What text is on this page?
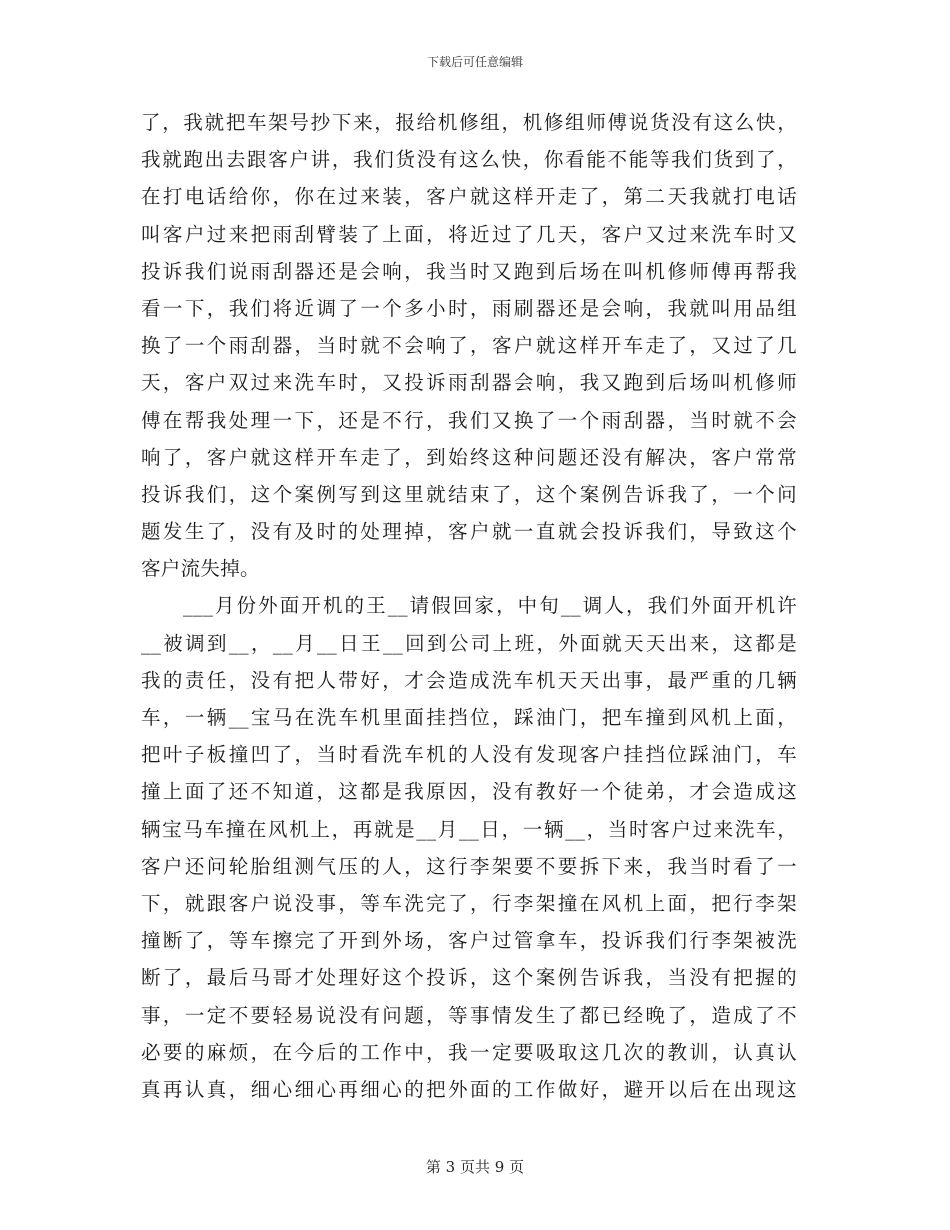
下载后可任意编辑
了，我就把车架号抄下来，报给机修组，机修组师傅说货没有这么快，
我就跑出去跟客户讲，我们货没有这么快，你看能不能等我们货到了，
在打电话给你，你在过来装，客户就这样开走了，第二天我就打电话
叫客户过来把雨刮臂装了上面，将近过了几天，客户又过来洗车时又
投诉我们说雨刮器还是会响，我当时又跑到后场在叫机修师傅再帮我
看一下，我们将近调了一个多小时，雨刷器还是会响，我就叫用品组
换了一个雨刮器，当时就不会响了，客户就这样开车走了，又过了几
天，客户双过来洗车时，又投诉雨刮器会响，我又跑到后场叫机修师
傅在帮我处理一下，还是不行，我们又换了一个雨刮器，当时就不会
响了，客户就这样开车走了，到始终这种问题还没有解决，客户常常
投诉我们，这个案例写到这里就结束了，这个案例告诉我了，一个问
题发生了，没有及时的处理掉，客户就一直就会投诉我们，导致这个
客户流失掉。
___月份外面开机的王__请假回家，中旬__调人，我们外面开机许
__被调到__，__月__日王__回到公司上班，外面就天天出来，这都是
我的责任，没有把人带好，才会造成洗车机天天出事，最严重的几辆
车，一辆__宝马在洗车机里面挂挡位，踩油门，把车撞到风机上面，
把叶子板撞凹了，当时看洗车机的人没有发现客户挂挡位踩油门，车
撞上面了还不知道，这都是我原因，没有教好一个徒弟，才会造成这
辆宝马车撞在风机上，再就是__月__日，一辆__，当时客户过来洗车，
客户还问轮胎组测气压的人，这行李架要不要拆下来，我当时看了一
下，就跟客户说没事，等车洗完了，行李架撞在风机上面，把行李架
撞断了，等车擦完了开到外场，客户过管拿车，投诉我们行李架被洗
断了，最后马哥才处理好这个投诉，这个案例告诉我，当没有把握的
事，一定不要轻易说没有问题，等事情发生了都已经晚了，造成了不
必要的麻烦，在今后的工作中，我一定要吸取这几次的教训，认真认
真再认真，细心细心再细心的把外面的工作做好，避开以后在出现这
第 3 页共 9 页
